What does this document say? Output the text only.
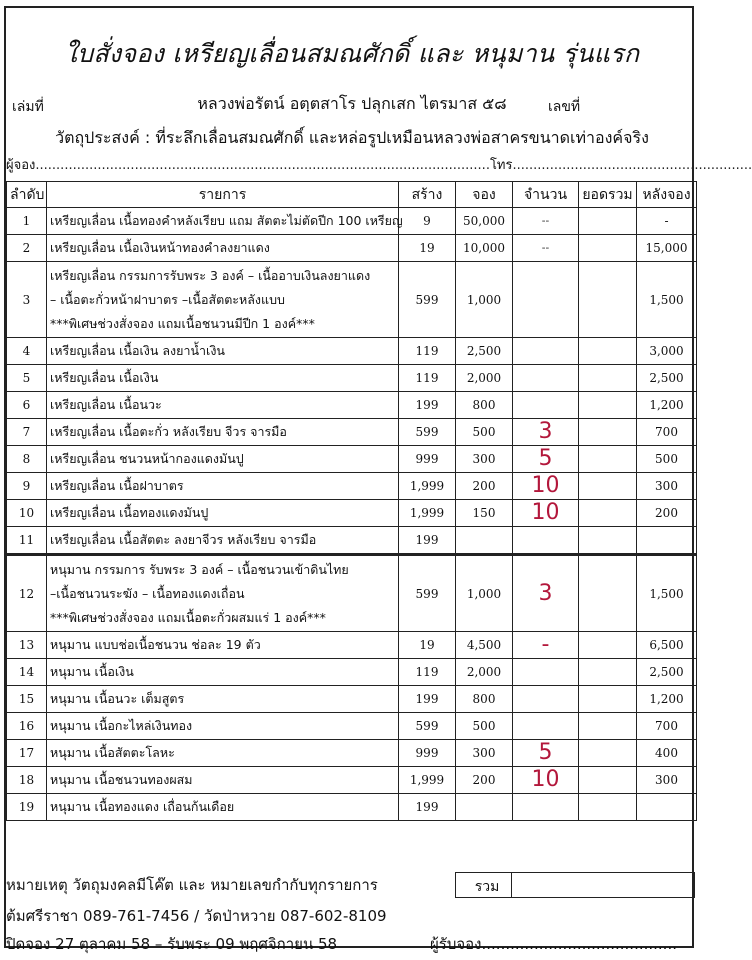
ใบสั่งจอง เหรียญเลื่อนสมณศักดิ์ และ หนุมาน รุ่นแรก
เล่มที่	หลวงพ่อรัตน์ อตฺตสาโร ปลุกเสก ไตรมาส ๕๘	เลขที่
วัตถุประสงค์ : ที่ระลึกเลื่อนสมณศักดิ์ และหล่อรูปเหมือนหลวงพ่อสาครขนาดเท่าองค์จริง
ผู้จอง..............................................................................................................โทร..........................................................
ลำดับ	รายการ	สร้าง	จอง	จำนวน	ยอดรวม	หลังจอง
1	เหรียญเลื่อน เนื้อทองคำหลังเรียบ แถม สัตตะไม่ตัดปีก 100 เหรียญ	9	50,000	--		-
2	เหรียญเลื่อน เนื้อเงินหน้าทองคำลงยาแดง	19	10,000	--		15,000
3	เหรียญเลื่อน กรรมการรับพระ 3 องค์ – เนื้ออาบเงินลงยาแดง
– เนื้อตะกั่วหน้าฝาบาตร –เนื้อสัตตะหลังแบบ
***พิเศษช่วงสั่งจอง แถมเนื้อชนวนมีปีก 1 องค์***	599	1,000			1,500
4	เหรียญเลื่อน เนื้อเงิน ลงยาน้ำเงิน	119	2,500			3,000
5	เหรียญเลื่อน เนื้อเงิน	119	2,000			2,500
6	เหรียญเลื่อน เนื้อนวะ	199	800			1,200
7	เหรียญเลื่อน เนื้อตะกั่ว หลังเรียบ จีวร จารมือ	599	500	3		700
8	เหรียญเลื่อน ชนวนหน้ากองแดงมันปู	999	300	5		500
9	เหรียญเลื่อน เนื้อฝาบาตร	1,999	200	10		300
10	เหรียญเลื่อน เนื้อทองแดงมันปู	1,999	150	10		200
11	เหรียญเลื่อน เนื้อสัตตะ ลงยาจีวร หลังเรียบ จารมือ	199				
12	หนุมาน กรรมการ รับพระ 3 องค์ – เนื้อชนวนเข้าดินไทย
–เนื้อชนวนระฆัง – เนื้อทองแดงเถื่อน
***พิเศษช่วงสั่งจอง แถมเนื้อตะกั่วผสมแร่ 1 องค์***	599	1,000	3		1,500
13	หนุมาน แบบช่อเนื้อชนวน ช่อละ 19 ตัว	19	4,500	-		6,500
14	หนุมาน เนื้อเงิน	119	2,000			2,500
15	หนุมาน เนื้อนวะ เต็มสูตร	199	800			1,200
16	หนุมาน เนื้อกะไหล่เงินทอง	599	500			700
17	หนุมาน เนื้อสัตตะโลหะ	999	300	5		400
18	หนุมาน เนื้อชนวนทองผสม	1,999	200	10		300
19	หนุมาน เนื้อทองแดง เถื่อนก้นเดือย	199				
หมายเหตุ วัตถุมงคลมีโค๊ต และ หมายเลขกำกับทุกรายการ	รวม
ต้มศรีราชา 089-761-7456 / วัดป่าหวาย 087-602-8109
ปิดจอง 27 ตุลาคม 58 – รับพระ 09 พฤศจิกายน 58	ผู้รับจอง.........................................
